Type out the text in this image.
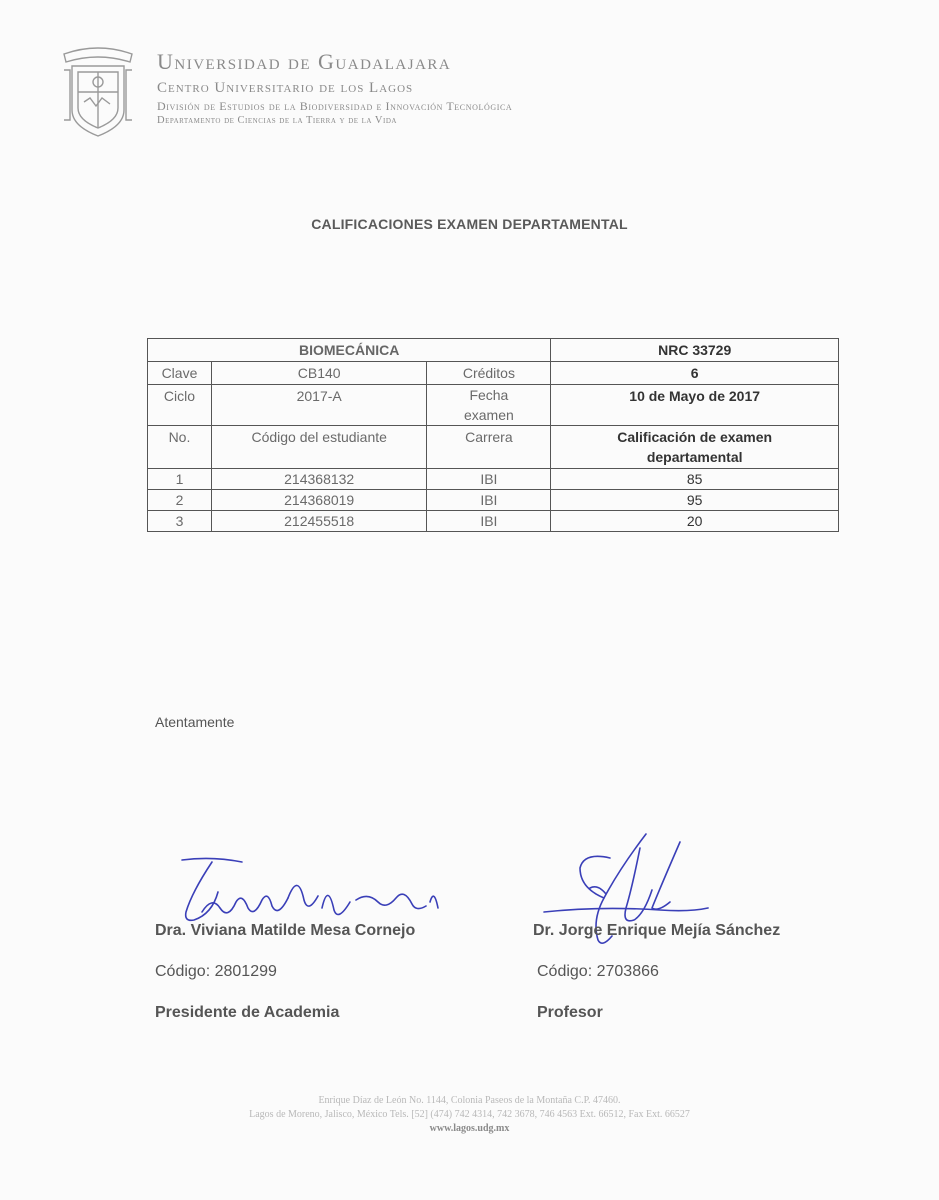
Universidad de Guadalajara
Centro Universitario de los Lagos
División de Estudios de la Biodiversidad e Innovación Tecnológica
Departamento de Ciencias de la Tierra y de la Vida
CALIFICACIONES EXAMEN DEPARTAMENTAL
BIOMECÁNICA			NRC 33729
Clave	CB140	Créditos	6
Ciclo	2017-A	Fecha examen	10 de Mayo de 2017
No.	Código del estudiante	Carrera	Calificación de examen departamental
1	214368132	IBI	85
2	214368019	IBI	95
3	212455518	IBI	20
Atentamente
Dra. Viviana Matilde Mesa Cornejo
Código: 2801299
Presidente de Academia
Dr. Jorge Enrique Mejía Sánchez
Código: 2703866
Profesor
Enrique Díaz de León No. 1144, Colonia Paseos de la Montaña C.P. 47460.
Lagos de Moreno, Jalisco, México Tels. [52] (474) 742 4314, 742 3678, 746 4563 Ext. 66512, Fax Ext. 66527
www.lagos.udg.mx
